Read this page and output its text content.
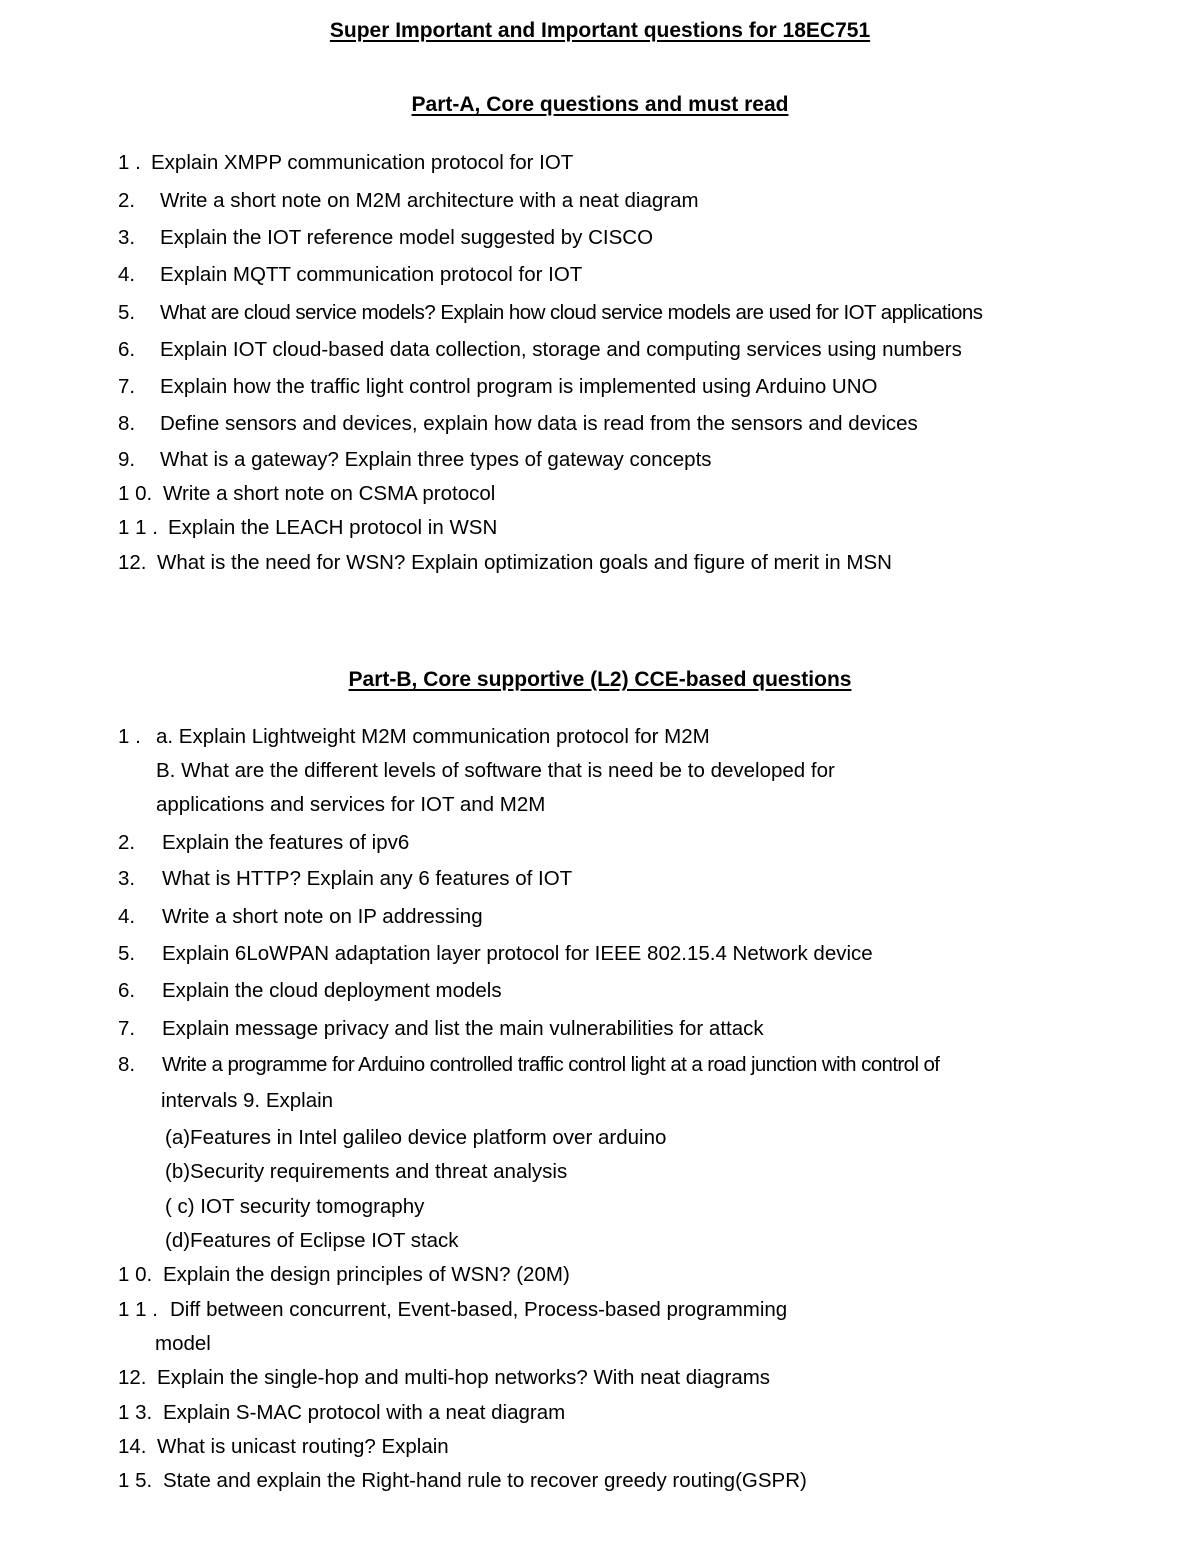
Super Important and Important questions for 18EC751
Part-A, Core questions and must read
1 . Explain XMPP communication protocol for IOT
2. Write a short note on M2M architecture with a neat diagram
3. Explain the IOT reference model suggested by CISCO
4. Explain MQTT communication protocol for IOT
5. What are cloud service models? Explain how cloud service models are used for IOT applications
6. Explain IOT cloud-based data collection, storage and computing services using numbers
7. Explain how the traffic light control program is implemented using Arduino UNO
8. Define sensors and devices, explain how data is read from the sensors and devices
9. What is a gateway? Explain three types of gateway concepts
1 0. Write a short note on CSMA protocol
1 1 . Explain the LEACH protocol in WSN
12. What is the need for WSN? Explain optimization goals and figure of merit in MSN
Part-B, Core supportive (L2) CCE-based questions
1 . a. Explain Lightweight M2M communication protocol for M2M
B. What are the different levels of software that is need be to developed for
applications and services for IOT and M2M
2. Explain the features of ipv6
3. What is HTTP? Explain any 6 features of IOT
4. Write a short note on IP addressing
5. Explain 6LoWPAN adaptation layer protocol for IEEE 802.15.4 Network device
6. Explain the cloud deployment models
7. Explain message privacy and list the main vulnerabilities for attack
8. Write a programme for Arduino controlled traffic control light at a road junction with control of
intervals 9. Explain
(a)Features in Intel galileo device platform over arduino
(b)Security requirements and threat analysis
( c) IOT security tomography
(d)Features of Eclipse IOT stack
1 0. Explain the design principles of WSN? (20M)
1 1 . Diff between concurrent, Event-based, Process-based programming
model
12. Explain the single-hop and multi-hop networks? With neat diagrams
1 3. Explain S-MAC protocol with a neat diagram
14. What is unicast routing? Explain
1 5. State and explain the Right-hand rule to recover greedy routing(GSPR)
